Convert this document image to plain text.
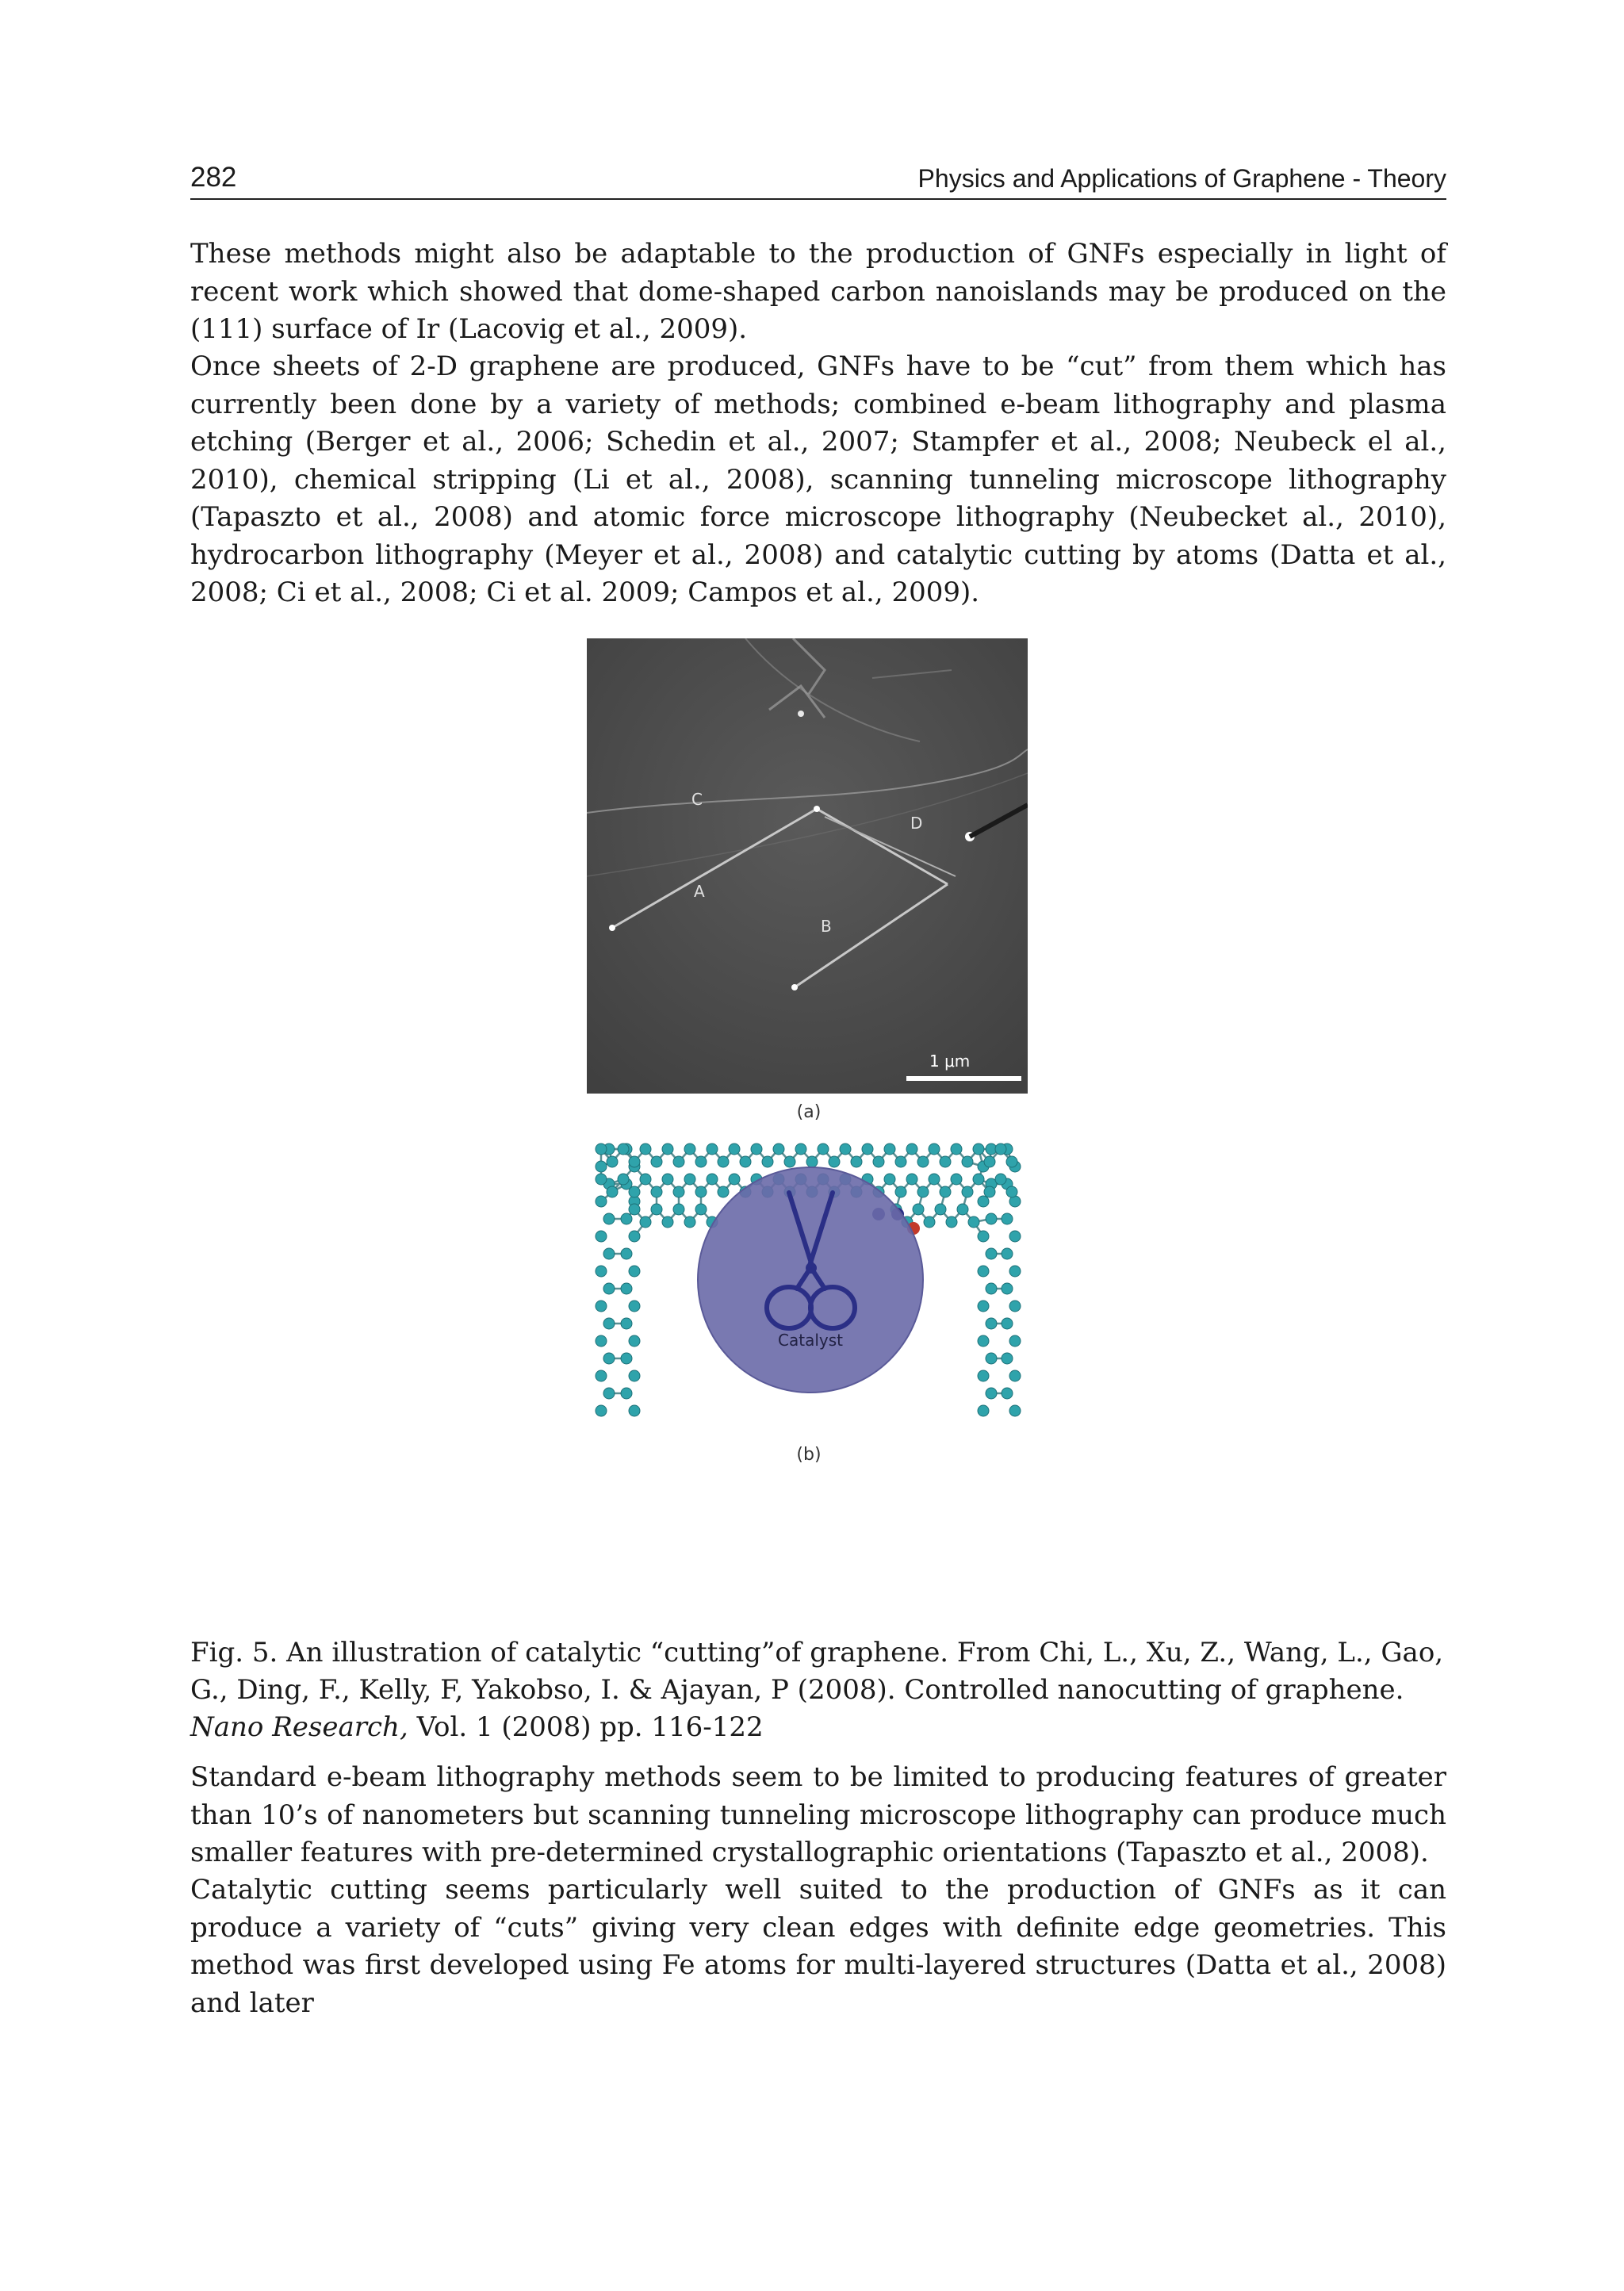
282	Physics and Applications of Graphene - Theory

These methods might also be adaptable to the production of GNFs especially in light of recent work which showed that dome-shaped carbon nanoislands may be produced on the (111) surface of Ir (Lacovig et al., 2009).

Once sheets of 2-D graphene are produced, GNFs have to be “cut” from them which has currently been done by a variety of methods; combined e-beam lithography and plasma etching (Berger et al., 2006; Schedin et al., 2007; Stampfer et al., 2008; Neubeck el al., 2010), chemical stripping (Li et al., 2008), scanning tunneling microscope lithography (Tapaszto et al., 2008) and atomic force microscope lithography (Neubecket al., 2010), hydrocarbon lithography (Meyer et al., 2008) and catalytic cutting by atoms (Datta et al., 2008; Ci et al., 2008; Ci et al. 2009; Campos et al., 2009).

C
D
A
B
1 μm
(a)
Catalyst
(b)

Fig. 5. An illustration of catalytic “cutting”of graphene. From Chi, L., Xu, Z., Wang, L., Gao, G., Ding, F., Kelly, F, Yakobso, I. & Ajayan, P (2008). Controlled nanocutting of graphene. Nano Research, Vol. 1 (2008) pp. 116-122

Standard e-beam lithography methods seem to be limited to producing features of greater than 10’s of nanometers but scanning tunneling microscope lithography can produce much smaller features with pre-determined crystallographic orientations (Tapaszto et al., 2008).

Catalytic cutting seems particularly well suited to the production of GNFs as it can produce a variety of “cuts” giving very clean edges with definite edge geometries. This method was first developed using Fe atoms for multi-layered structures (Datta et al., 2008) and later
